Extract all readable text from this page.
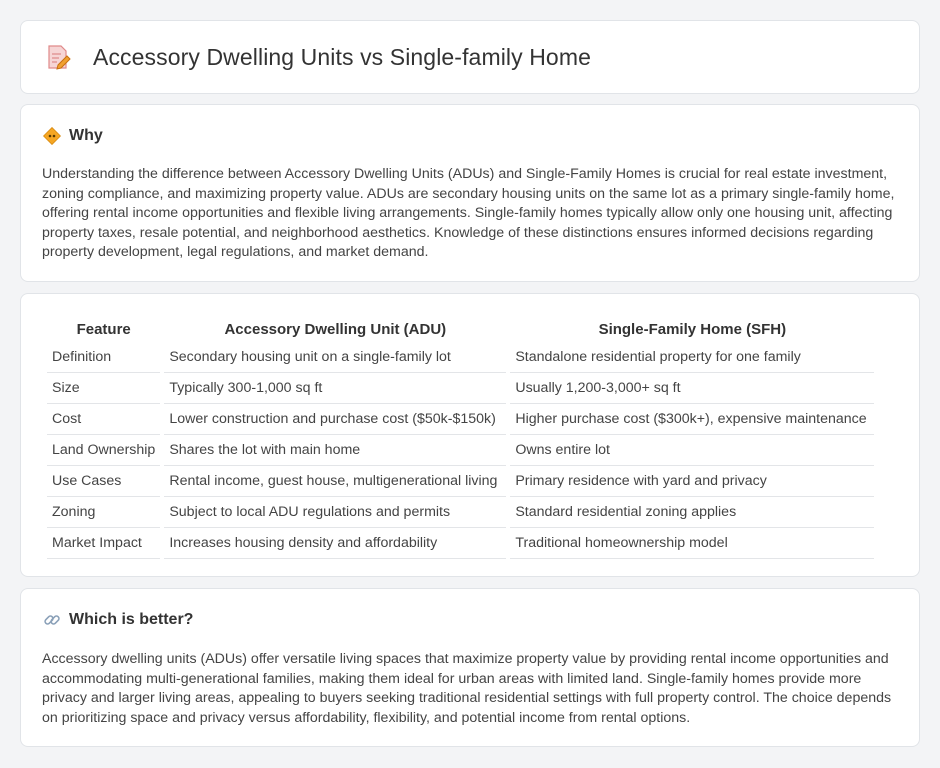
Accessory Dwelling Units vs Single-family Home
Why

Understanding the difference between Accessory Dwelling Units (ADUs) and Single-Family Homes is crucial for real estate investment, zoning compliance, and maximizing property value. ADUs are secondary housing units on the same lot as a primary single-family home, offering rental income opportunities and flexible living arrangements. Single-family homes typically allow only one housing unit, affecting property taxes, resale potential, and neighborhood aesthetics. Knowledge of these distinctions ensures informed decisions regarding property development, legal regulations, and market demand.

Feature	Accessory Dwelling Unit (ADU)	Single-Family Home (SFH)
Definition	Secondary housing unit on a single-family lot	Standalone residential property for one family
Size	Typically 300-1,000 sq ft	Usually 1,200-3,000+ sq ft
Cost	Lower construction and purchase cost ($50k-$150k)	Higher purchase cost ($300k+), expensive maintenance
Land Ownership	Shares the lot with main home	Owns entire lot
Use Cases	Rental income, guest house, multigenerational living	Primary residence with yard and privacy
Zoning	Subject to local ADU regulations and permits	Standard residential zoning applies
Market Impact	Increases housing density and affordability	Traditional homeownership model
Which is better?

Accessory dwelling units (ADUs) offer versatile living spaces that maximize property value by providing rental income opportunities and accommodating multi-generational families, making them ideal for urban areas with limited land. Single-family homes provide more privacy and larger living areas, appealing to buyers seeking traditional residential settings with full property control. The choice depends on prioritizing space and privacy versus affordability, flexibility, and potential income from rental options.
